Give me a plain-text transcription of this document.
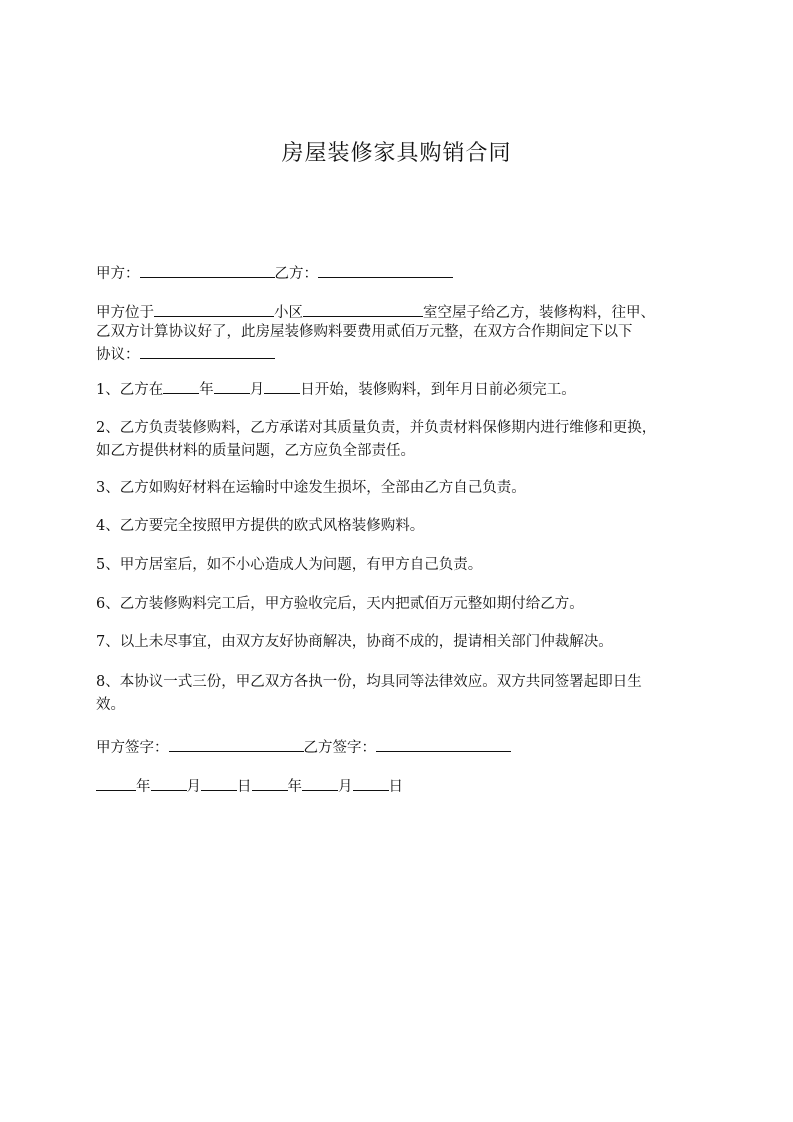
房屋装修家具购销合同
甲方：	乙方：
甲方位于	小区	室空屋子给乙方，装修构料，往甲、
乙双方计算协议好了，此房屋装修购料要费用贰佰万元整，在双方合作期间定下以下
协议：
1、乙方在 年 月 日开始，装修购料，到年月日前必须完工。
2、乙方负责装修购料，乙方承诺对其质量负责，并负责材料保修期内进行维修和更换，
如乙方提供材料的质量问题，乙方应负全部责任。
3、乙方如购好材料在运输时中途发生损坏，全部由乙方自己负责。
4、乙方要完全按照甲方提供的欧式风格装修购料。
5、甲方居室后，如不小心造成人为问题，有甲方自己负责。
6、乙方装修购料完工后，甲方验收完后，天内把贰佰万元整如期付给乙方。
7、以上未尽事宜，由双方友好协商解决，协商不成的，提请相关部门仲裁解决。
8、本协议一式三份，甲乙双方各执一份，均具同等法律效应。双方共同签署起即日生
效。
甲方签字：	乙方签字：
年 月 日 年 月 日
